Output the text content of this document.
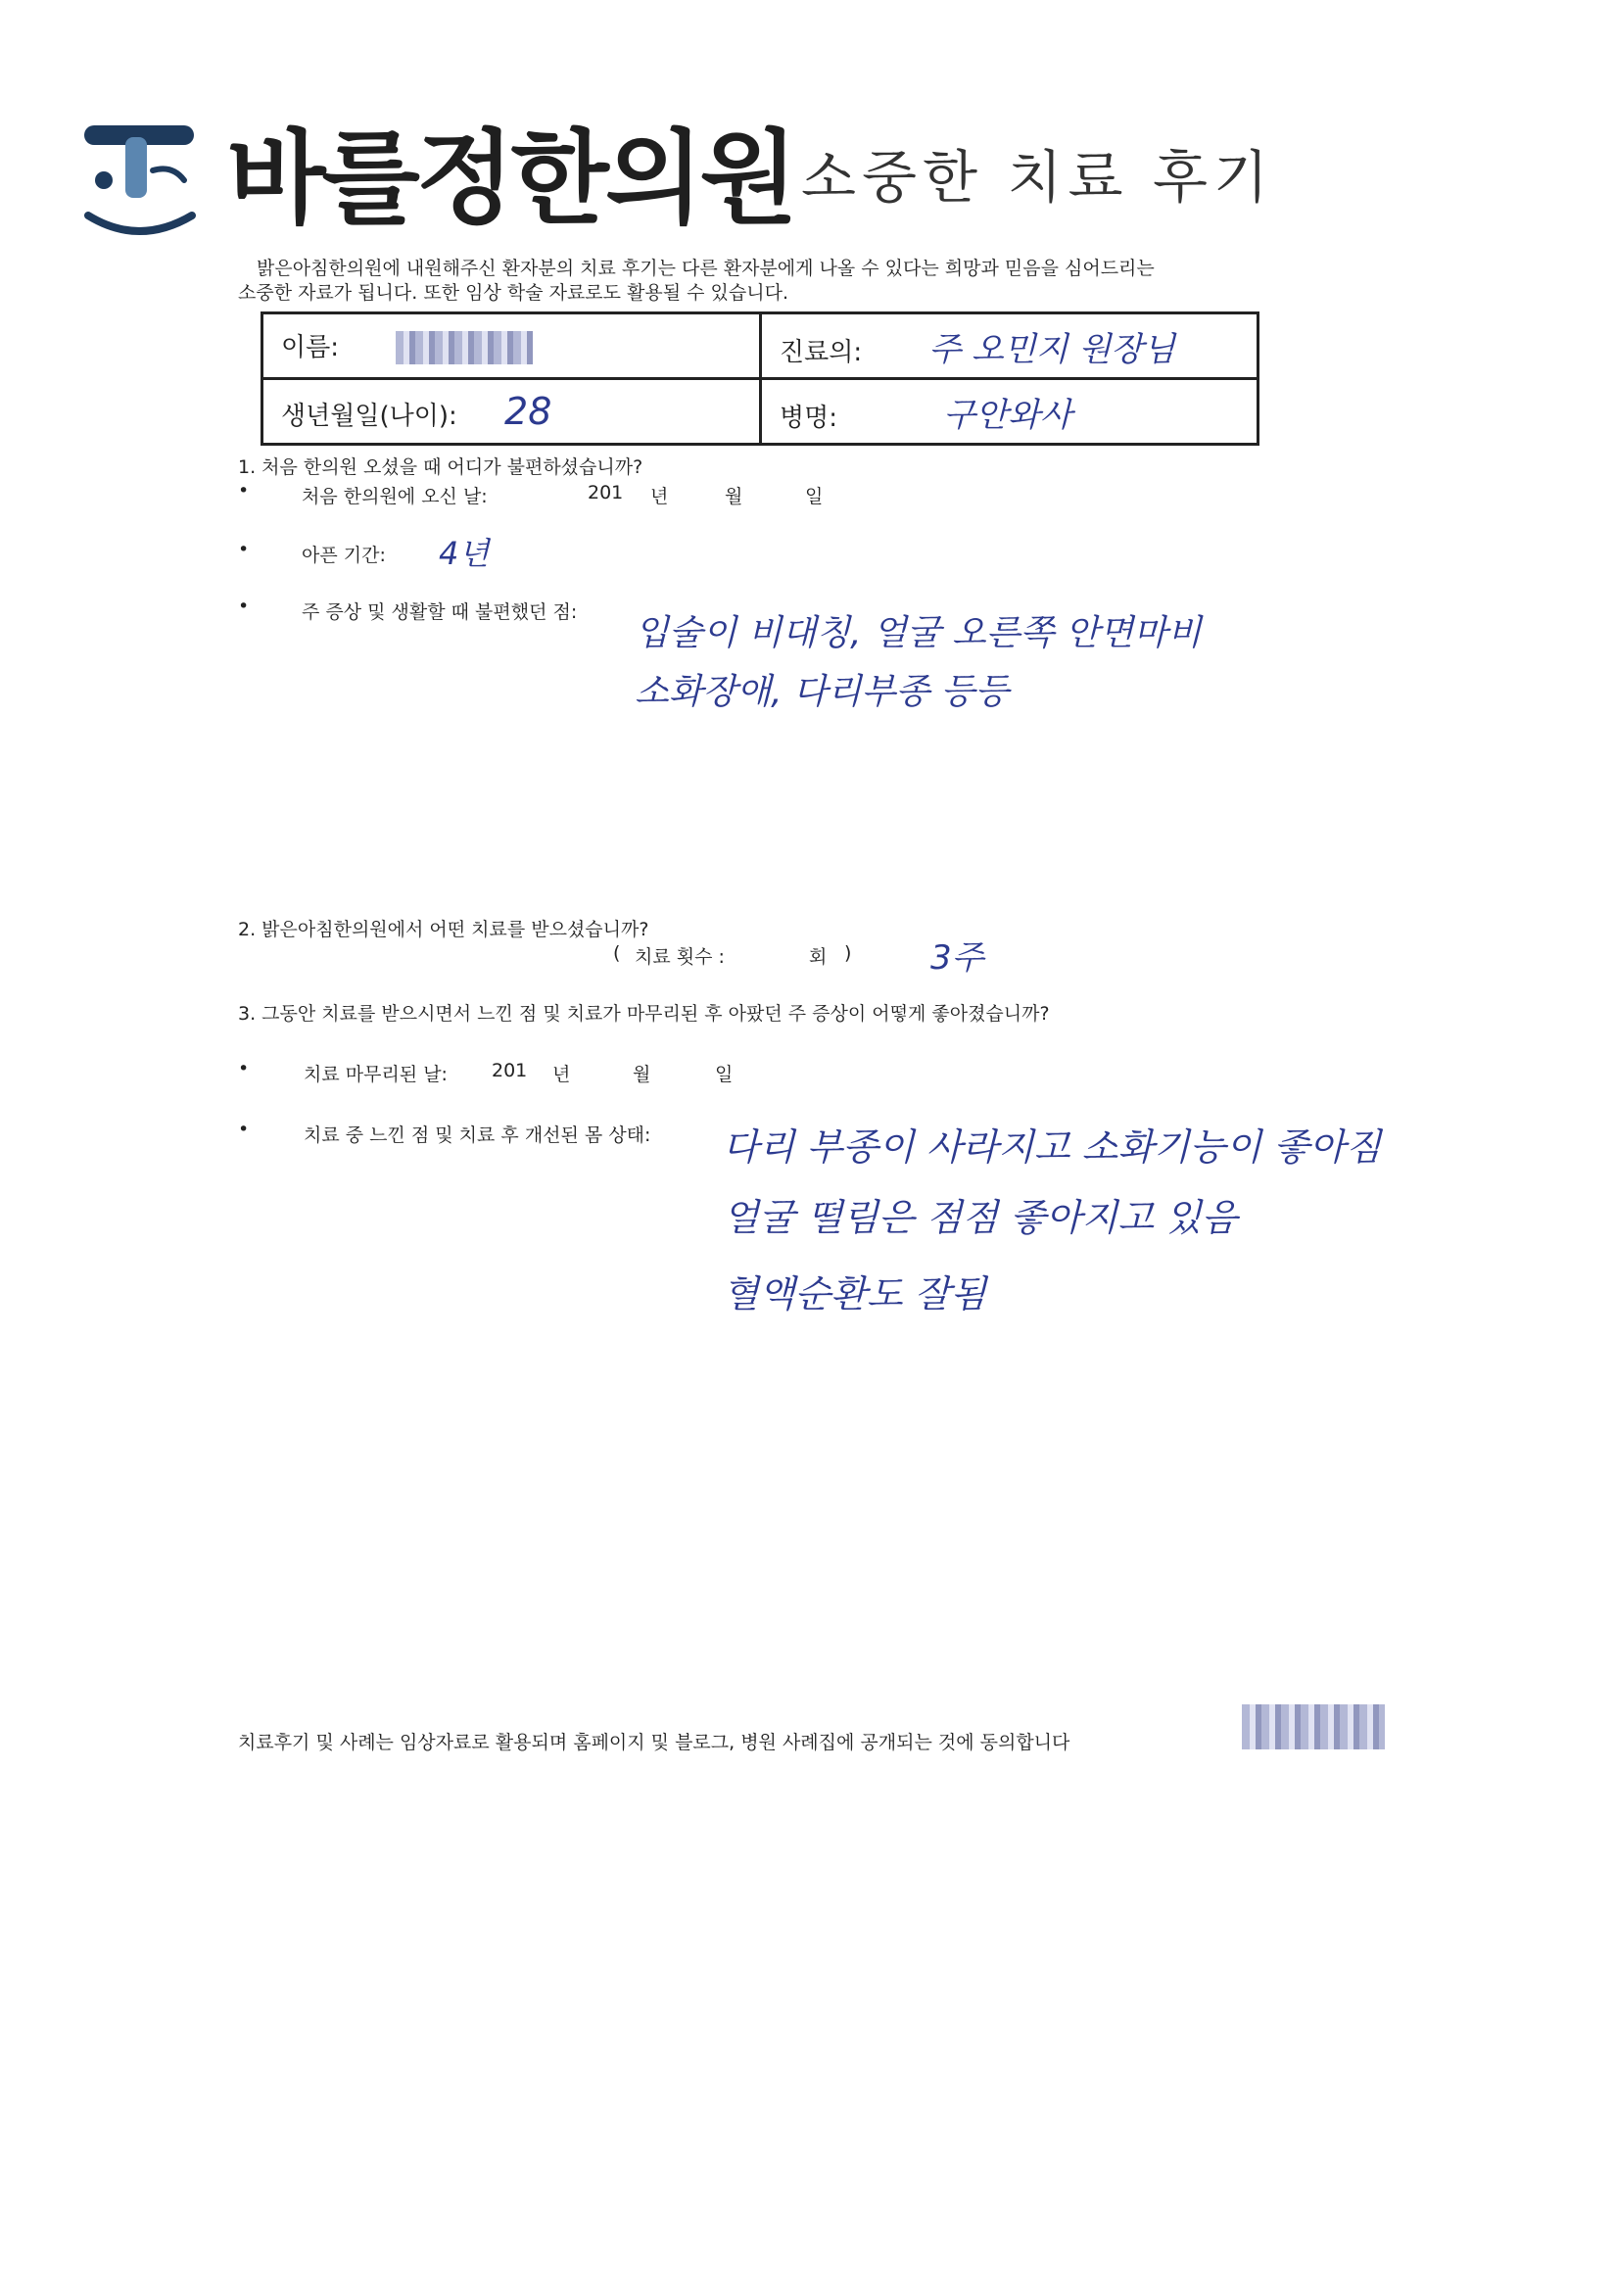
바를정한의원 소중한 치료 후기
밝은아침한의원에 내원해주신 환자분의 치료 후기는 다른 환자분에게 나올 수 있다는 희망과 믿음을 심어드리는
소중한 자료가 됩니다. 또한 임상 학술 자료로도 활용될 수 있습니다.
이름:	진료의: 주 오민지 원장님
생년월일(나이): 28	병명: 구안와사
1. 처음 한의원 오셨을 때 어디가 불편하셨습니까?
•	처음 한의원에 오신 날:	201 년	월	일
•	아픈 기간: 4년
•	주 증상 및 생활할 때 불편했던 점:
입술이 비대칭, 얼굴 오른쪽 안면마비
소화장애, 다리부종 등등
2. 밝은아침한의원에서 어떤 치료를 받으셨습니까?
( 치료 횟수 :	회 ) 3주
3. 그동안 치료를 받으시면서 느낀 점 및 치료가 마무리된 후 아팠던 주 증상이 어떻게 좋아졌습니까?
•	치료 마무리된 날: 201 년	월	일
•	치료 중 느낀 점 및 치료 후 개선된 몸 상태: 다리 부종이 사라지고 소화기능이 좋아짐
얼굴 떨림은 점점 좋아지고 있음
혈액순환도 잘됨
치료후기 및 사례는 임상자료로 활용되며 홈페이지 및 블로그, 병원 사례집에 공개되는 것에 동의합니다
